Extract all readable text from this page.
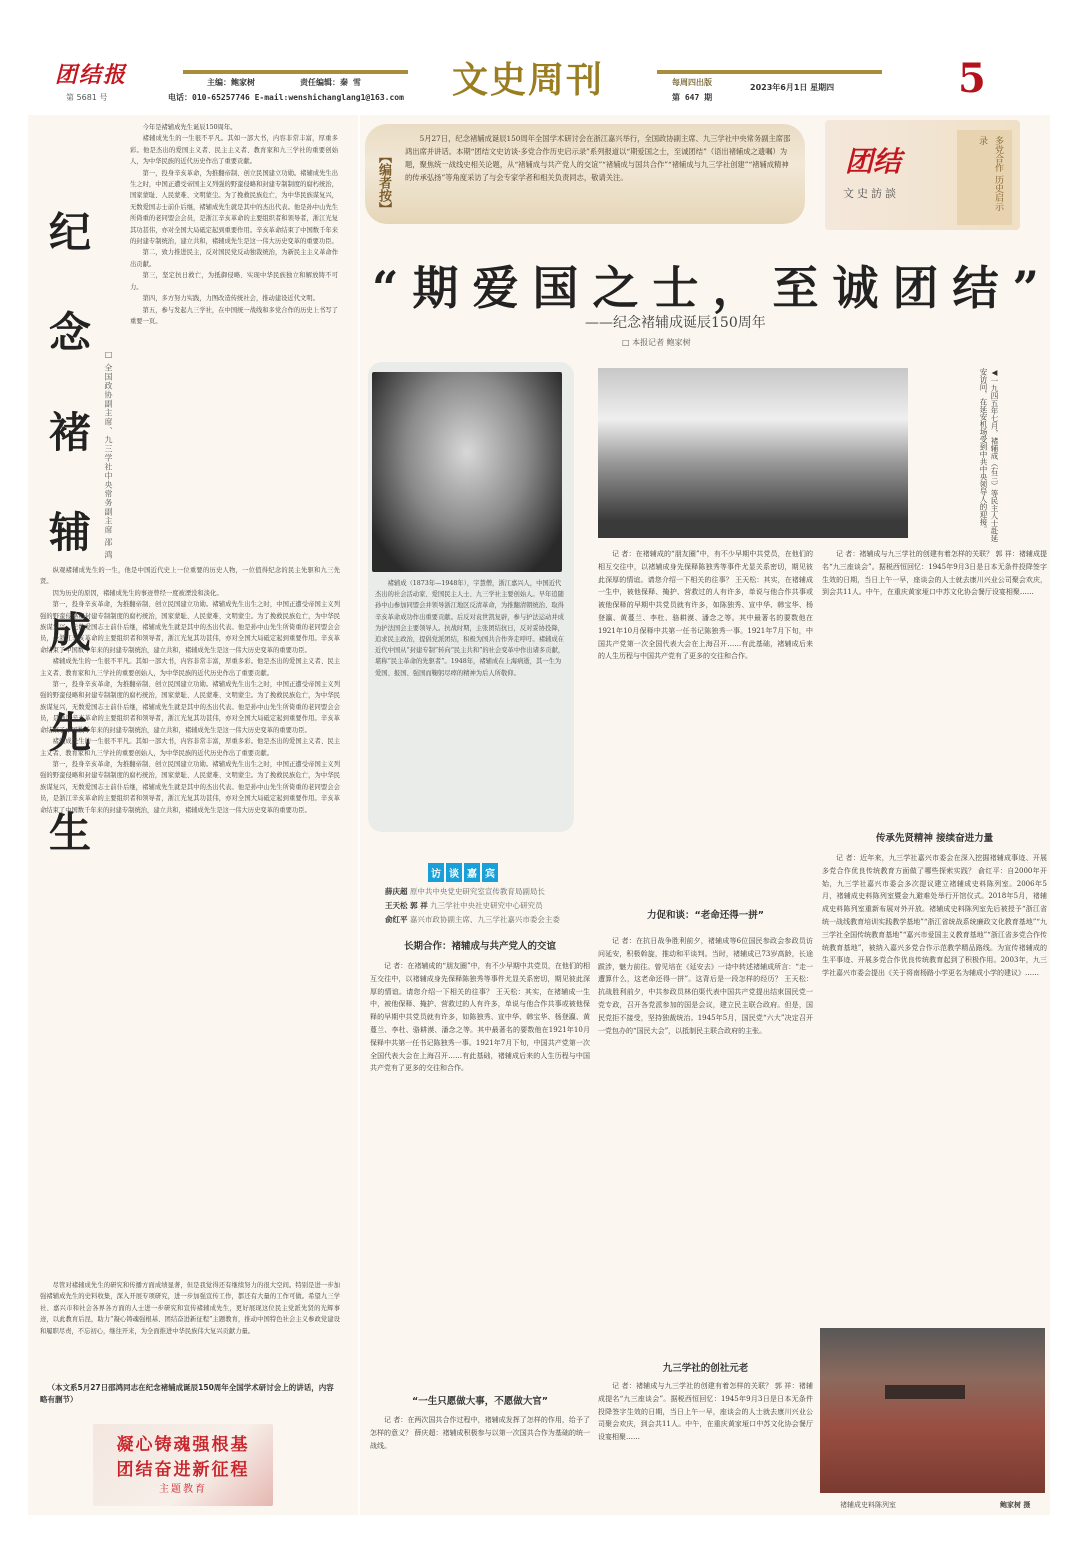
团结报
第 5681 号
主编：鲍家树	责任编辑：秦 雪
电话：010-65257746 E-mail:wenshichanglang1@163.com 文史周刊	每周四出版
第 647 期
2023年6月1日 星期四	5
纪
念
褚
辅
成
先
生
□ 全国政协副主席、九三学社中央常务副主席 邵 鸿

今年是褚辅成先生诞辰150周年。

褚辅成先生的一生很不平凡。其如一部大书，内容非常丰富，厚重多彩。他是杰出的爱国主义者、民主主义者、教育家和九三学社的重要创始人，为中华民族的近代历史作出了重要贡献。

第一，投身辛亥革命，为推翻帝制、创立民国建立功勋。褚辅成先生出生之时，中国正遭受帝国主义列强的野蛮侵略和封建专制制度的腐朽统治，国家蒙耻、人民蒙难、文明蒙尘。为了挽救民族危亡，为中华民族谋复兴，无数爱国志士前仆后继，褚辅成先生就是其中的杰出代表。他是孙中山先生所倚重的老同盟会会员，是浙江辛亥革命的主要组织者和领导者，浙江光复其功甚伟，亦对全国大局砥定起到重要作用。辛亥革命结束了中国数千年来的封建专制统治，建立共和，褚辅成先生是这一伟大历史变革的重要功臣。

第二，致力推进民主，反对国民党反动独裁统治，为新民主主义革命作出贡献。

第三，坚定抗日救亡，为抵御侵略、实现中华民族独立和解放铸不可力。

第四，多方努力实践，力图改造传统社会，推动建设近代文明。

第五，参与发起九三学社，在中国统一战线和多党合作的历史上书写了重要一页。

纵观褚辅成先生的一生，他是中国近代史上一位重要的历史人物，一位值得纪念的民主先驱和九三先贤。

因为历史的原因，褚辅成先生的事迹曾经一度被湮没和淡化。

第一，投身辛亥革命，为推翻帝制、创立民国建立功勋。褚辅成先生出生之时，中国正遭受帝国主义列强的野蛮侵略和封建专制制度的腐朽统治，国家蒙耻、人民蒙难、文明蒙尘。为了挽救民族危亡，为中华民族谋复兴，无数爱国志士前仆后继，褚辅成先生就是其中的杰出代表。他是孙中山先生所倚重的老同盟会会员，是浙江辛亥革命的主要组织者和领导者，浙江光复其功甚伟，亦对全国大局砥定起到重要作用。辛亥革命结束了中国数千年来的封建专制统治，建立共和，褚辅成先生是这一伟大历史变革的重要功臣。

褚辅成先生的一生很不平凡。其如一部大书，内容非常丰富，厚重多彩。他是杰出的爱国主义者、民主主义者、教育家和九三学社的重要创始人，为中华民族的近代历史作出了重要贡献。

第一，投身辛亥革命，为推翻帝制、创立民国建立功勋。褚辅成先生出生之时，中国正遭受帝国主义列强的野蛮侵略和封建专制制度的腐朽统治，国家蒙耻、人民蒙难、文明蒙尘。为了挽救民族危亡，为中华民族谋复兴，无数爱国志士前仆后继，褚辅成先生就是其中的杰出代表。他是孙中山先生所倚重的老同盟会会员，是浙江辛亥革命的主要组织者和领导者，浙江光复其功甚伟，亦对全国大局砥定起到重要作用。辛亥革命结束了中国数千年来的封建专制统治，建立共和，褚辅成先生是这一伟大历史变革的重要功臣。

褚辅成先生的一生很不平凡。其如一部大书，内容非常丰富，厚重多彩。他是杰出的爱国主义者、民主主义者、教育家和九三学社的重要创始人，为中华民族的近代历史作出了重要贡献。

第一，投身辛亥革命，为推翻帝制、创立民国建立功勋。褚辅成先生出生之时，中国正遭受帝国主义列强的野蛮侵略和封建专制制度的腐朽统治，国家蒙耻、人民蒙难、文明蒙尘。为了挽救民族危亡，为中华民族谋复兴，无数爱国志士前仆后继，褚辅成先生就是其中的杰出代表。他是孙中山先生所倚重的老同盟会会员，是浙江辛亥革命的主要组织者和领导者，浙江光复其功甚伟，亦对全国大局砥定起到重要作用。辛亥革命结束了中国数千年来的封建专制统治，建立共和，褚辅成先生是这一伟大历史变革的重要功臣。

尽管对褚辅成先生的研究和传播方面成绩显著，但是我觉得还有继续努力的很大空间。特别是进一步加强褚辅成先生的史料收集，深入开展专项研究，进一步加强宣传工作，都还有大量的工作可做。希望九三学社、嘉兴市和社会各界各方面的人士进一步研究和宣传褚辅成先生，更好展现这位民主党派先贤的光辉事迹，以此教育后昆，助力“凝心铸魂强根基、团结奋进新征程”主题教育，推动中国特色社会主义参政党建设和履职尽责，不忘初心，继往开来，为全面推进中华民族伟大复兴贡献力量。

（本文系5月27日邵鸿同志在纪念褚辅成诞辰150周年全国学术研讨会上的讲话，内容略有删节）
凝心铸魂强根基
团结奋进新征程
主题教育
【编者按】
5月27日，纪念褚辅成诞辰150周年全国学术研讨会在浙江嘉兴举行，全国政协副主席、九三学社中央常务副主席邵鸿出席并讲话。本期“团结文史访谈·多党合作历史启示录”系列报道以“期爱国之士，至诚团结”（语出褚辅成之遗嘱）为题，聚焦统一战线史相关论题，从“褚辅成与共产党人的交谊”“褚辅成与国共合作”“褚辅成与九三学社创建”“褚辅成精神的传承弘扬”等角度采访了与会专家学者和相关负责同志，敬请关注。	团结
文史訪談	多党合作 历史启示录
“期爱国之士，至诚团结”
——纪念褚辅成诞辰150周年
□ 本报记者 鲍家树
褚辅成（1873年—1948年），字慧僧，浙江嘉兴人，中国近代杰出的社会活动家、爱国民主人士、九三学社主要创始人。早年追随孙中山参加同盟会并领导浙江地区反清革命，为推翻清朝统治、取得辛亥革命成功作出重要贡献。后反对袁世凯复辟，参与护法运动并成为护法国会主要领导人。抗战时期，主张团结抗日，反对妥协投降，追求民主政治，提倡党派团结，积极为国共合作奔走呼吁。褚辅成在近代中国从“封建专制”转向“民主共和”的社会变革中作出诸多贡献，堪称“民主革命的先驱者”。1948年，褚辅成在上海病逝，其一生为爱国、报国、强国而鞠躬尽瘁的精神为后人所敬仰。
访 谈 嘉 宾
薛庆超 原中共中央党史研究室宣传教育局副局长
王天松 郭 祥 九三学社中央社史研究中心研究员
俞红平 嘉兴市政协副主席、九三学社嘉兴市委会主委
长期合作：褚辅成与共产党人的交谊
记 者：在褚辅成的“朋友圈”中，有不少早期中共党员，在他们的相互交往中，以褚辅成身先保释陈独秀等事件尤显关系密切，期见彼此深厚的情谊。请您介绍一下相关的往事？ 王天松：其实，在褚辅成一生中，被他保释、掩护、营救过的人有许多，单说与他合作共事或被他保释的早期中共党员就有许多，如陈独秀、宣中华、韩宝华、杨登瀛、黄蔓兰、李杜、骆耕漠、潘念之等。其中最著名的要数他在1921年10月保释中共第一任书记陈独秀一事。1921年7月下旬，中国共产党第一次全国代表大会在上海召开……有此基础，褚辅成后来的人生历程与中国共产党有了更多的交往和合作。
“一生只愿做大事，不愿做大官”
记 者：在两次国共合作过程中，褚辅成发挥了怎样的作用，给予了怎样的意义？ 薛庆超：褚辅成积极参与以第一次国共合作为基础的统一战线。
◀一九四五年七月，褚辅成（右三）等民主人士赴延安访问，在延安机场受到中共中央领导人的迎接。
记 者：在褚辅成的“朋友圈”中，有不少早期中共党员，在他们的相互交往中，以褚辅成身先保释陈独秀等事件尤显关系密切，期见彼此深厚的情谊。请您介绍一下相关的往事？ 王天松：其实，在褚辅成一生中，被他保释、掩护、营救过的人有许多，单说与他合作共事或被他保释的早期中共党员就有许多，如陈独秀、宣中华、韩宝华、杨登瀛、黄蔓兰、李杜、骆耕漠、潘念之等。其中最著名的要数他在1921年10月保释中共第一任书记陈独秀一事。1921年7月下旬，中国共产党第一次全国代表大会在上海召开……有此基础，褚辅成后来的人生历程与中国共产党有了更多的交往和合作。
力促和谈：“老命还得一拼”
记 者：在抗日战争胜利前夕，褚辅成等6位国民参政会参政员访问延安，积极斡旋，推动和平谈判。当时，褚辅成已73岁高龄，长途跋涉，魅力前往。曾见培在《延安去》一诗中转述褚辅成所言：“走一遭算什么，这老命还得一拼”。这背后是一段怎样的经历？ 王天松：抗战胜利前夕，中共参政员林伯渠代表中国共产党提出结束国民党一党专政，召开各党派参加的国是会议，建立民主联合政府。但是，国民党拒不接受，坚持独裁统治。1945年5月，国民党“六大”决定召开一党包办的“国民大会”，以抵制民主联合政府的主张。
九三学社的创社元老
记 者：褚辅成与九三学社的创建有着怎样的关联？ 郭 祥：褚辅成提名“九三座谈会”。据税西恒回忆：1945年9月3日是日本无条件投降签字生效的日期，当日上午一早，座谈会的人士就去康川兴业公司聚会欢庆，到会共11人。中午，在重庆黄家垭口中苏文化协会餐厅设宴相聚……
记 者：褚辅成与九三学社的创建有着怎样的关联？ 郭 祥：褚辅成提名“九三座谈会”。据税西恒回忆：1945年9月3日是日本无条件投降签字生效的日期，当日上午一早，座谈会的人士就去康川兴业公司聚会欢庆，到会共11人。中午，在重庆黄家垭口中苏文化协会餐厅设宴相聚……
传承先贤精神 接续奋进力量
记 者：近年来，九三学社嘉兴市委会在深入挖掘褚辅成事迹、开展多党合作优良传统教育方面做了哪些探索实践？ 俞红平：自2000年开始，九三学社嘉兴市委会多次提议建立褚辅成史料陈列室。2006年5月，褚辅成史料陈列室暨金九避难处举行开馆仪式。2018年5月，褚辅成史料陈列室重新布展对外开放。褚辅成史料陈列室先后被授予“浙江省统一战线教育培训实践教学基地”“浙江省统战系统廉政文化教育基地”“九三学社全国传统教育基地”“嘉兴市爱国主义教育基地”“浙江省多党合作传统教育基地”，被纳入嘉兴多党合作示范教学精品路线。为宣传褚辅成的生平事迹、开展多党合作优良传统教育起到了积极作用。2003年，九三学社嘉兴市委会提出《关于将南杨路小学更名为辅成小学的建议》……
褚辅成史料陈列室	鲍家树 摄
